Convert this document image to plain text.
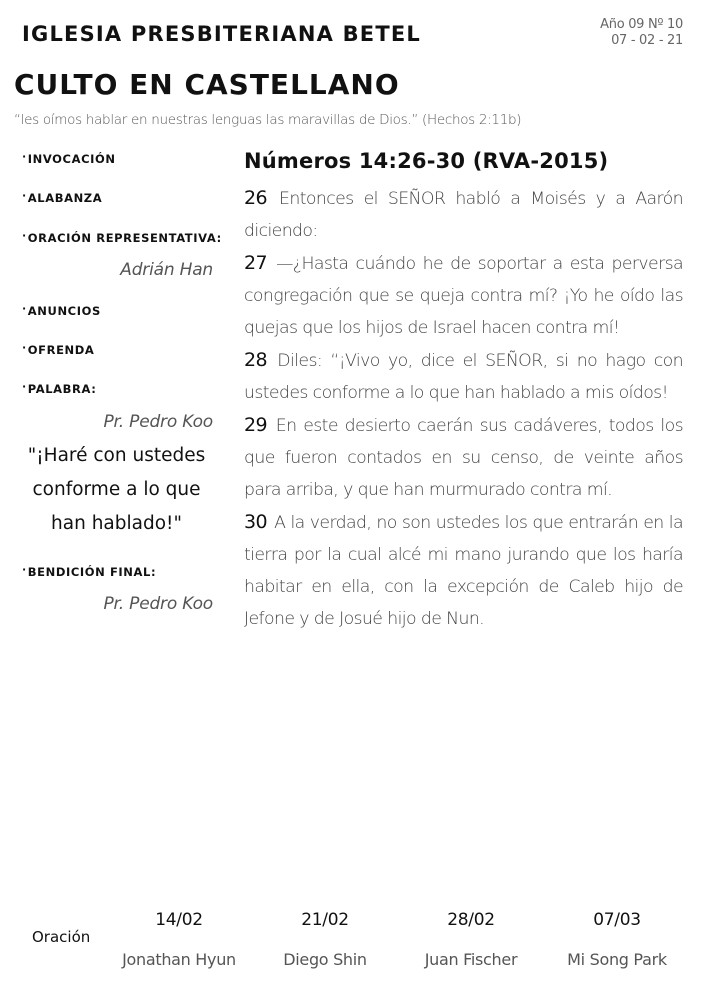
IGLESIA PRESBITERIANA BETEL	Año 09 Nº 10
07 - 02 - 21
CULTO EN CASTELLANO
“les oímos hablar en nuestras lenguas las maravillas de Dios.” (Hechos 2:11b)
·INVOCACIÓN
·ALABANZA
·ORACIÓN REPRESENTATIVA:
Adrián Han
·ANUNCIOS
·OFRENDA
·PALABRA:
Pr. Pedro Koo
"¡Haré con ustedes
conforme a lo que
han hablado!"
·BENDICIÓN FINAL:
Pr. Pedro Koo
Números 14:26-30 (RVA-2015)
26 Entonces el SEÑOR habló a Moisés y a Aarón diciendo:
27 —¿Hasta cuándo he de soportar a esta perversa congregación que se queja contra mí? ¡Yo he oído las quejas que los hijos de Israel hacen contra mí!
28 Diles: “¡Vivo yo, dice el SEÑOR, si no hago con ustedes conforme a lo que han hablado a mis oídos!
29 En este desierto caerán sus cadáveres, todos los que fueron contados en su censo, de veinte años para arriba, y que han murmurado contra mí.
30 A la verdad, no son ustedes los que entrarán en la tierra por la cual alcé mi mano jurando que los haría habitar en ella, con la excepción de Caleb hijo de Jefone y de Josué hijo de Nun.
Oración
14/02
Jonathan Hyun
21/02
Diego Shin
28/02
Juan Fischer
07/03
Mi Song Park
